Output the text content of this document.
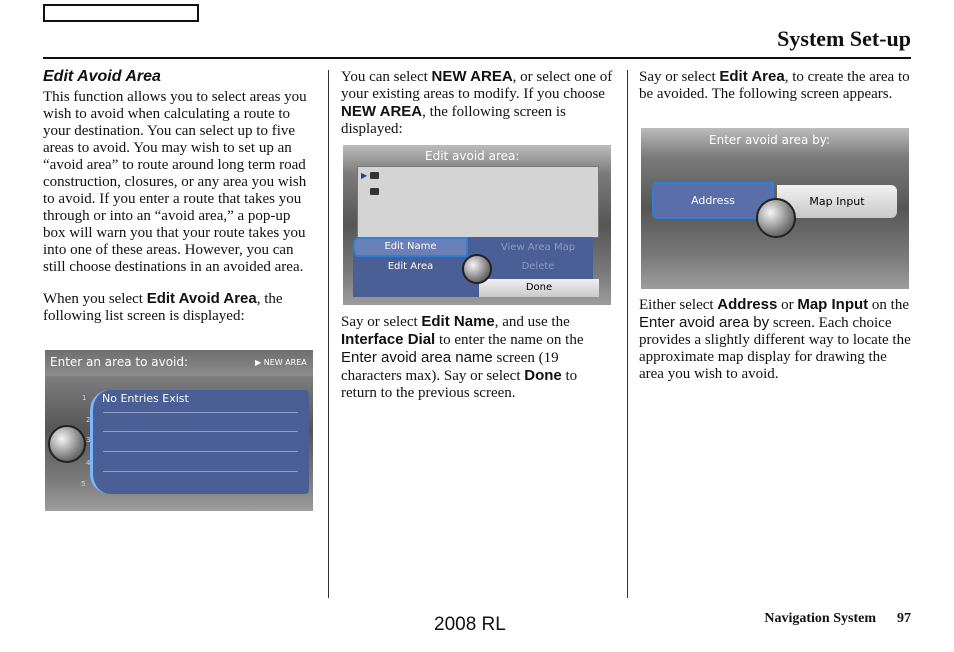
System Set-up
Edit Avoid Area

This function allows you to select areas you wish to avoid when calculating a route to your destination. You can select up to five areas to avoid. You may wish to set up an “avoid area” to route around long term road construction, closures, or any area you wish to avoid. If you enter a route that takes you through or into an “avoid area,” a pop-up box will warn you that your route takes you into one of these areas. However, you can still choose destinations in an avoided area.

When you select Edit Avoid Area, the following list screen is displayed:

Enter an area to avoid:	▶ NEW AREA
No Entries Exist
1
2
3
4
5

You can select NEW AREA, or select one of your existing areas to modify. If you choose NEW AREA, the following screen is displayed:

Edit avoid area:
▶
Edit Name
Edit Area
View Area Map
Delete
Done

Say or select Edit Name, and use the Interface Dial to enter the name on the Enter avoid area name screen (19 characters max). Say or select Done to return to the previous screen.

Say or select Edit Area, to create the area to be avoided. The following screen appears.

Enter avoid area by:
Address	Map Input

Either select Address or Map Input on the Enter avoid area by screen. Each choice provides a slightly different way to locate the approximate map display for drawing the area you wish to avoid.

2008 RL	Navigation System 97
